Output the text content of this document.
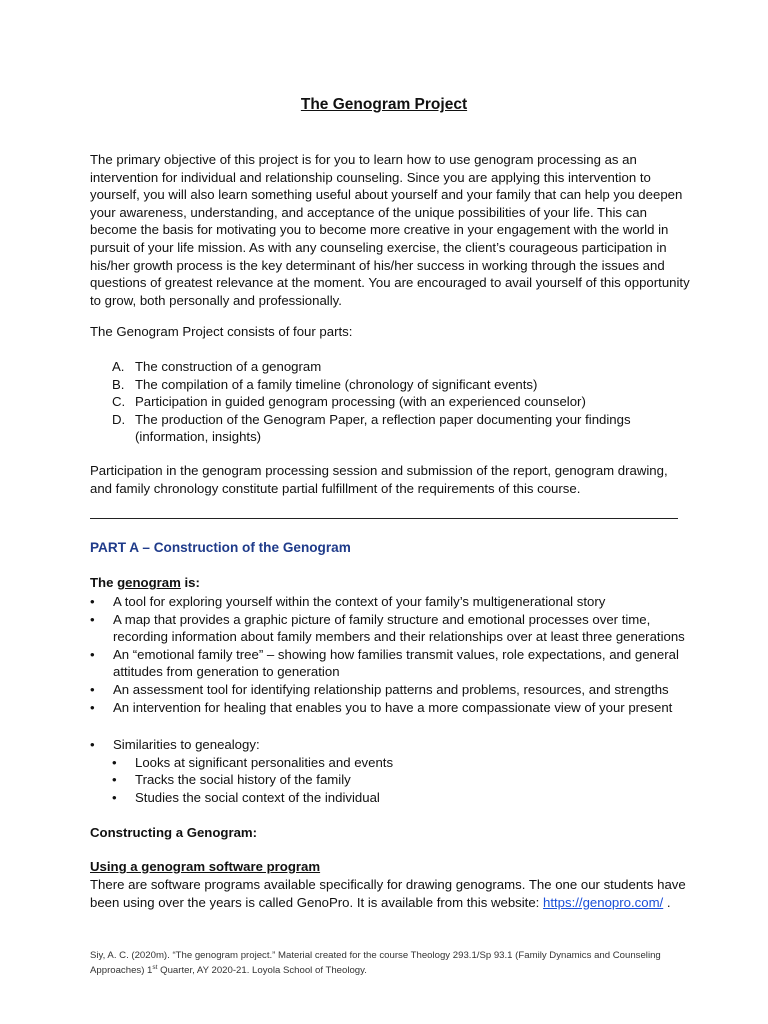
The Genogram Project

The primary objective of this project is for you to learn how to use genogram processing as an intervention for individual and relationship counseling. Since you are applying this intervention to yourself, you will also learn something useful about yourself and your family that can help you deepen your awareness, understanding, and acceptance of the unique possibilities of your life. This can become the basis for motivating you to become more creative in your engagement with the world in pursuit of your life mission. As with any counseling exercise, the client’s courageous participation in his/her growth process is the key determinant of his/her success in working through the issues and questions of greatest relevance at the moment. You are encouraged to avail yourself of this opportunity to grow, both personally and professionally.

The Genogram Project consists of four parts:

A. The construction of a genogram
B. The compilation of a family timeline (chronology of significant events)
C. Participation in guided genogram processing (with an experienced counselor)
D. The production of the Genogram Paper, a reflection paper documenting your findings (information, insights)

Participation in the genogram processing session and submission of the report, genogram drawing, and family chronology constitute partial fulfillment of the requirements of this course.

PART A – Construction of the Genogram
The genogram is:
• A tool for exploring yourself within the context of your family’s multigenerational story
• A map that provides a graphic picture of family structure and emotional processes over time, recording information about family members and their relationships over at least three generations
• An “emotional family tree” – showing how families transmit values, role expectations, and general attitudes from generation to generation
• An assessment tool for identifying relationship patterns and problems, resources, and strengths
• An intervention for healing that enables you to have a more compassionate view of your present
• Similarities to genealogy:
• Looks at significant personalities and events
• Tracks the social history of the family
• Studies the social context of the individual
Constructing a Genogram:
Using a genogram software program

There are software programs available specifically for drawing genograms. The one our students have been using over the years is called GenoPro. It is available from this website: https://genopro.com/ .

Siy, A. C. (2020m). “The genogram project.” Material created for the course Theology 293.1/Sp 93.1 (Family Dynamics and Counseling Approaches) 1st Quarter, AY 2020-21. Loyola School of Theology.
